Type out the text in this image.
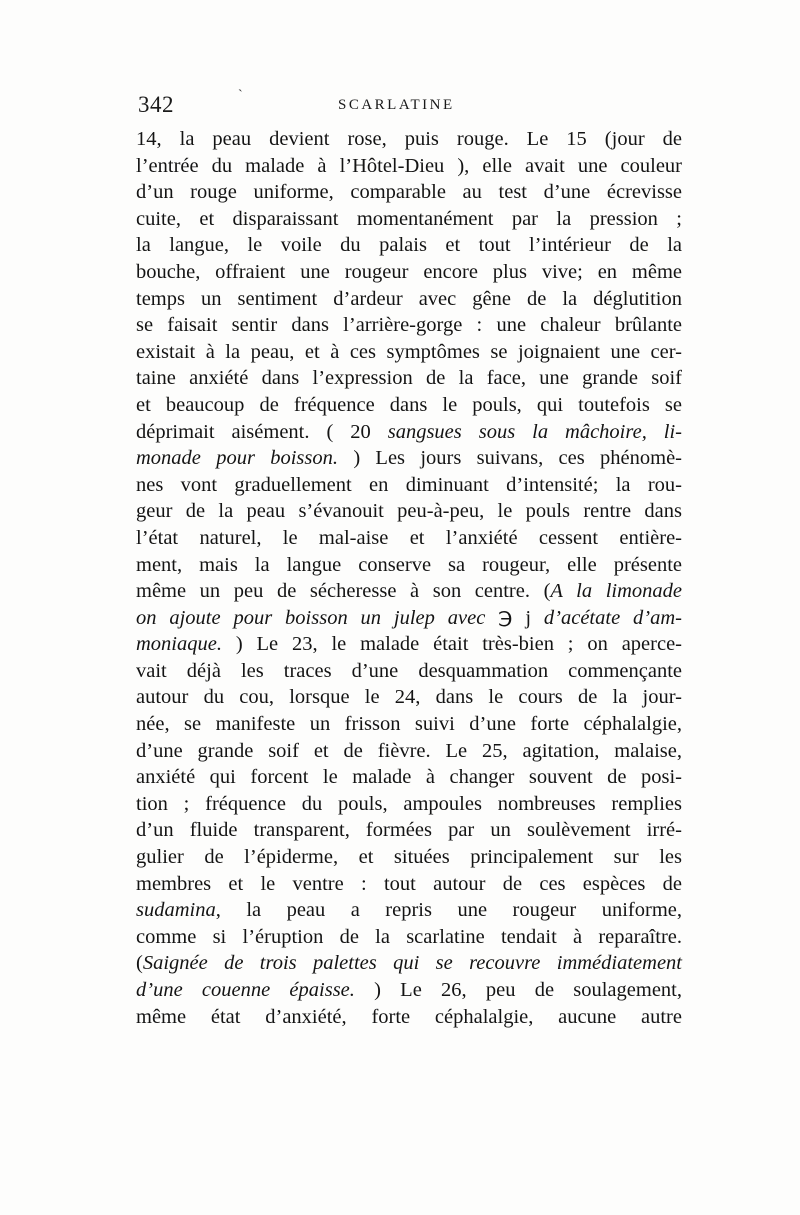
342	`
SCARLATINE
14, la peau devient rose, puis rouge. Le 15 (jour de
l’entrée du malade à l’Hôtel-Dieu ), elle avait une couleur
d’un rouge uniforme, comparable au test d’une écrevisse
cuite, et disparaissant momentanément par la pression ;
la langue, le voile du palais et tout l’intérieur de la
bouche, offraient une rougeur encore plus vive; en même
temps un sentiment d’ardeur avec gêne de la déglutition
se faisait sentir dans l’arrière-gorge : une chaleur brûlante
existait à la peau, et à ces symptômes se joignaient une cer-
taine anxiété dans l’expression de la face, une grande soif
et beaucoup de fréquence dans le pouls, qui toutefois se
déprimait aisément. ( 20 sangsues sous la mâchoire, li-
monade pour boisson. ) Les jours suivans, ces phénomè-
nes vont graduellement en diminuant d’intensité; la rou-
geur de la peau s’évanouit peu-à-peu, le pouls rentre dans
l’état naturel, le mal-aise et l’anxiété cessent entière-
ment, mais la langue conserve sa rougeur, elle présente
même un peu de sécheresse à son centre. (A la limonade
on ajoute pour boisson un julep avec ℈ j d’acétate d’am-
moniaque. ) Le 23, le malade était très-bien ; on aperce-
vait déjà les traces d’une desquammation commençante
autour du cou, lorsque le 24, dans le cours de la jour-
née, se manifeste un frisson suivi d’une forte céphalalgie,
d’une grande soif et de fièvre. Le 25, agitation, malaise,
anxiété qui forcent le malade à changer souvent de posi-
tion ; fréquence du pouls, ampoules nombreuses remplies
d’un fluide transparent, formées par un soulèvement irré-
gulier de l’épiderme, et situées principalement sur les
membres et le ventre : tout autour de ces espèces de
sudamina, la peau a repris une rougeur uniforme,
comme si l’éruption de la scarlatine tendait à reparaître.
(Saignée de trois palettes qui se recouvre immédiatement
d’une couenne épaisse. ) Le 26, peu de soulagement,
même état d’anxiété, forte céphalalgie, aucune autre
